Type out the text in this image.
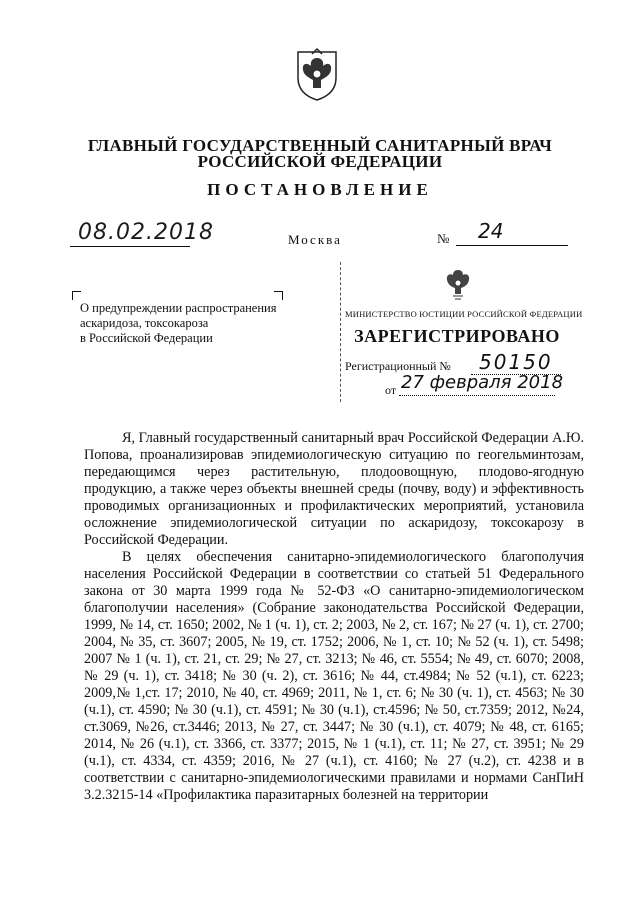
ГЛАВНЫЙ ГОСУДАРСТВЕННЫЙ САНИТАРНЫЙ ВРАЧ
РОССИЙСКОЙ ФЕДЕРАЦИИ
ПОСТАНОВЛЕНИЕ
08.02.2018	Москва	№ 24
О предупреждении распространения
аскаридоза, токсокароза
в Российской Федерации
МИНИСТЕРСТВО ЮСТИЦИИ РОССИЙСКОЙ ФЕДЕРАЦИИ
ЗАРЕГИСТРИРОВАНО
Регистрационный № 50150
от 27 февраля 2018

Я, Главный государственный санитарный врач Российской Федерации А.Ю. Попова, проанализировав эпидемиологическую ситуацию по геогельминтозам, передающимся через растительную, плодоовощную, плодово-ягодную продукцию, а также через объекты внешней среды (почву, воду) и эффективность проводимых организационных и профилактических мероприятий, установила осложнение эпидемиологической ситуации по аскаридозу, токсокарозу в Российской Федерации.

В целях обеспечения санитарно-эпидемиологического благополучия населения Российской Федерации в соответствии со статьей 51 Федерального закона от 30 марта 1999 года № 52-ФЗ «О санитарно-эпидемиологическом благополучии населения» (Собрание законодательства Российской Федерации, 1999, № 14, ст. 1650; 2002, № 1 (ч. 1), ст. 2; 2003, № 2, ст. 167; № 27 (ч. 1), ст. 2700; 2004, № 35, ст. 3607; 2005, № 19, ст. 1752; 2006, № 1, ст. 10; № 52 (ч. 1), ст. 5498; 2007 № 1 (ч. 1), ст. 21, ст. 29; № 27, ст. 3213; № 46, ст. 5554; № 49, ст. 6070; 2008, № 29 (ч. 1), ст. 3418; № 30 (ч. 2), ст. 3616; № 44, ст.4984; № 52 (ч.1), ст. 6223; 2009,№ 1,ст. 17; 2010, № 40, ст. 4969; 2011, № 1, ст. 6; № 30 (ч. 1), ст. 4563; № 30 (ч.1), ст. 4590; № 30 (ч.1), ст. 4591; № 30 (ч.1), ст.4596; № 50, ст.7359; 2012, №24, ст.3069, №26, ст.3446; 2013, № 27, ст. 3447; № 30 (ч.1), ст. 4079; № 48, ст. 6165; 2014, № 26 (ч.1), ст. 3366, ст. 3377; 2015, № 1 (ч.1), ст. 11; № 27, ст. 3951; № 29 (ч.1), ст. 4334, ст. 4359; 2016, № 27 (ч.1), ст. 4160; № 27 (ч.2), ст. 4238 и в соответствии с санитарно-эпидемиологическими правилами и нормами СанПиН 3.2.3215-14 «Профилактика паразитарных болезней на территории
